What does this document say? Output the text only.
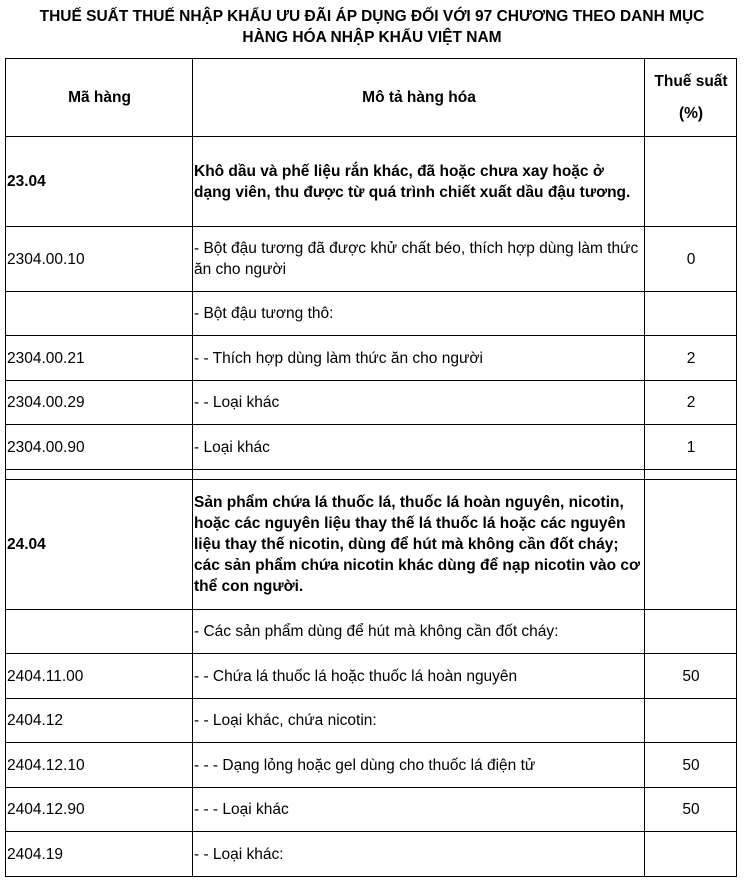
THUẾ SUẤT THUẾ NHẬP KHẨU ƯU ĐÃI ÁP DỤNG ĐỐI VỚI 97 CHƯƠNG THEO DANH MỤC
HÀNG HÓA NHẬP KHẨU VIỆT NAM
Mã hàng	Mô tả hàng hóa	Thuế suất
(%)

23.04	Khô dầu và phế liệu rắn khác, đã hoặc chưa xay hoặc ở dạng viên, thu được từ quá trình chiết xuất dầu đậu tương.	
2304.00.10	- Bột đậu tương đã được khử chất béo, thích hợp dùng làm thức ăn cho người	0
	- Bột đậu tương thô:	
2304.00.21	- - Thích hợp dùng làm thức ăn cho người	2
2304.00.29	- - Loại khác	2
2304.00.90	- Loại khác	1

24.04	Sản phẩm chứa lá thuốc lá, thuốc lá hoàn nguyên, nicotin, hoặc các nguyên liệu thay thế lá thuốc lá hoặc các nguyên liệu thay thế nicotin, dùng để hút mà không cần đốt cháy; các sản phẩm chứa nicotin khác dùng để nạp nicotin vào cơ thể con người.	
	- Các sản phẩm dùng để hút mà không cần đốt cháy:	
2404.11.00	- - Chứa lá thuốc lá hoặc thuốc lá hoàn nguyên	50
2404.12	- - Loại khác, chứa nicotin:	
2404.12.10	- - - Dạng lỏng hoặc gel dùng cho thuốc lá điện tử	50
2404.12.90	- - - Loại khác	50
2404.19	- - Loại khác:	
